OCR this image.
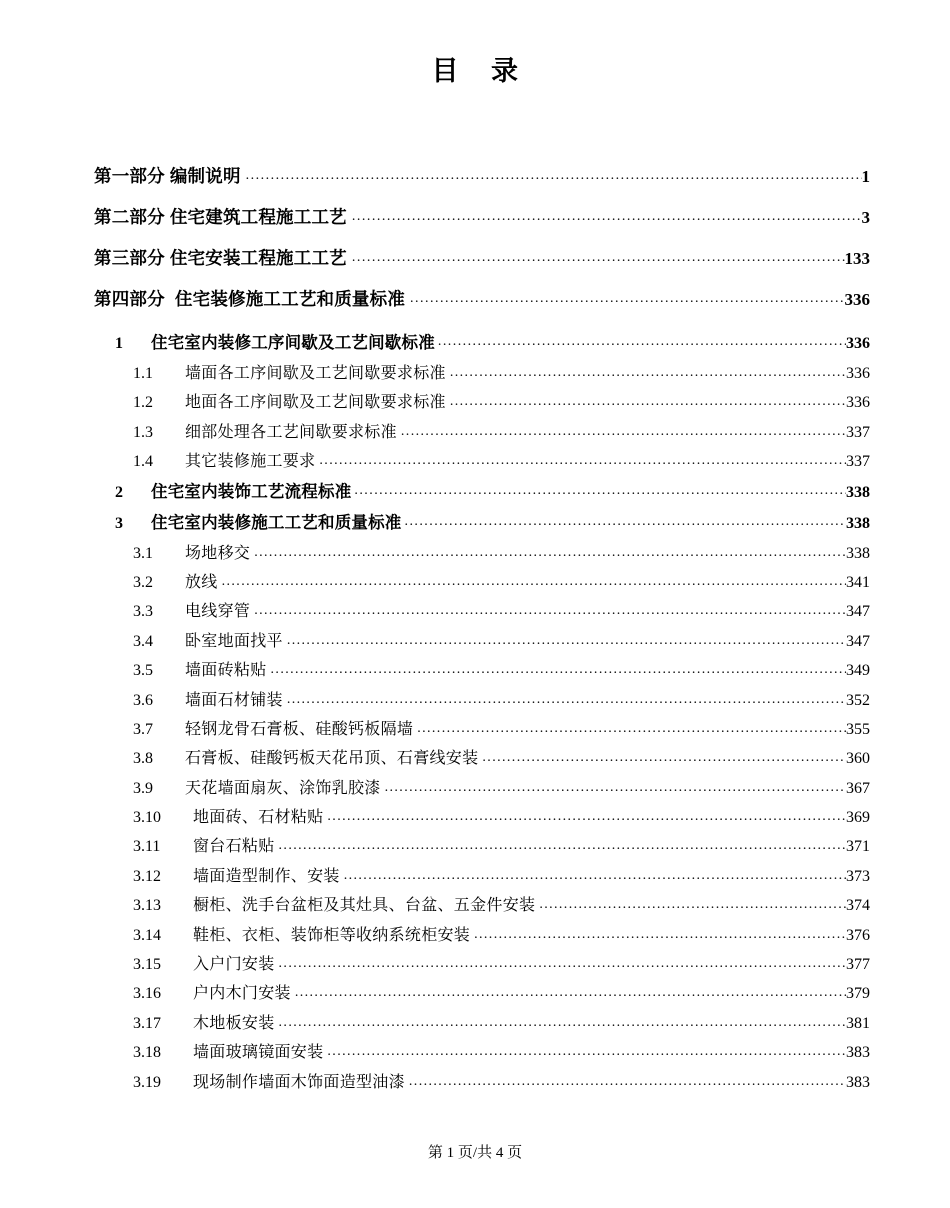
目    录
第一部分 编制说明 .....	1
第二部分 住宅建筑工程施工工艺 .....	3
第三部分 住宅安装工程施工工艺 .....	133
第四部分  住宅装修施工工艺和质量标准 .....	336
1	住宅室内装修工序间歇及工艺间歇标准 .....	336
1.1	墙面各工序间歇及工艺间歇要求标准 .....	336
1.2	地面各工序间歇及工艺间歇要求标准 .....	336
1.3	细部处理各工艺间歇要求标准 .....	337
1.4	其它装修施工要求 .....	337
2	住宅室内装饰工艺流程标准 .....	338
3	住宅室内装修施工工艺和质量标准 .....	338
3.1	场地移交 .....	338
3.2	放线 .....	341
3.3	电线穿管 .....	347
3.4	卧室地面找平 .....	347
3.5	墙面砖粘贴 .....	349
3.6	墙面石材铺装 .....	352
3.7	轻钢龙骨石膏板、硅酸钙板隔墙 .....	355
3.8	石膏板、硅酸钙板天花吊顶、石膏线安装 .....	360
3.9	天花墙面扇灰、涂饰乳胶漆 .....	367
3.10	地面砖、石材粘贴 .....	369
3.11	窗台石粘贴 .....	371
3.12	墙面造型制作、安装 .....	373
3.13	橱柜、洗手台盆柜及其灶具、台盆、五金件安装 .....	374
3.14	鞋柜、衣柜、装饰柜等收纳系统柜安装 .....	376
3.15	入户门安装 .....	377
3.16	户内木门安装 .....	379
3.17	木地板安装 .....	381
3.18	墙面玻璃镜面安装 .....	383
3.19	现场制作墙面木饰面造型油漆 .....	383
第 1 页/共 4 页
